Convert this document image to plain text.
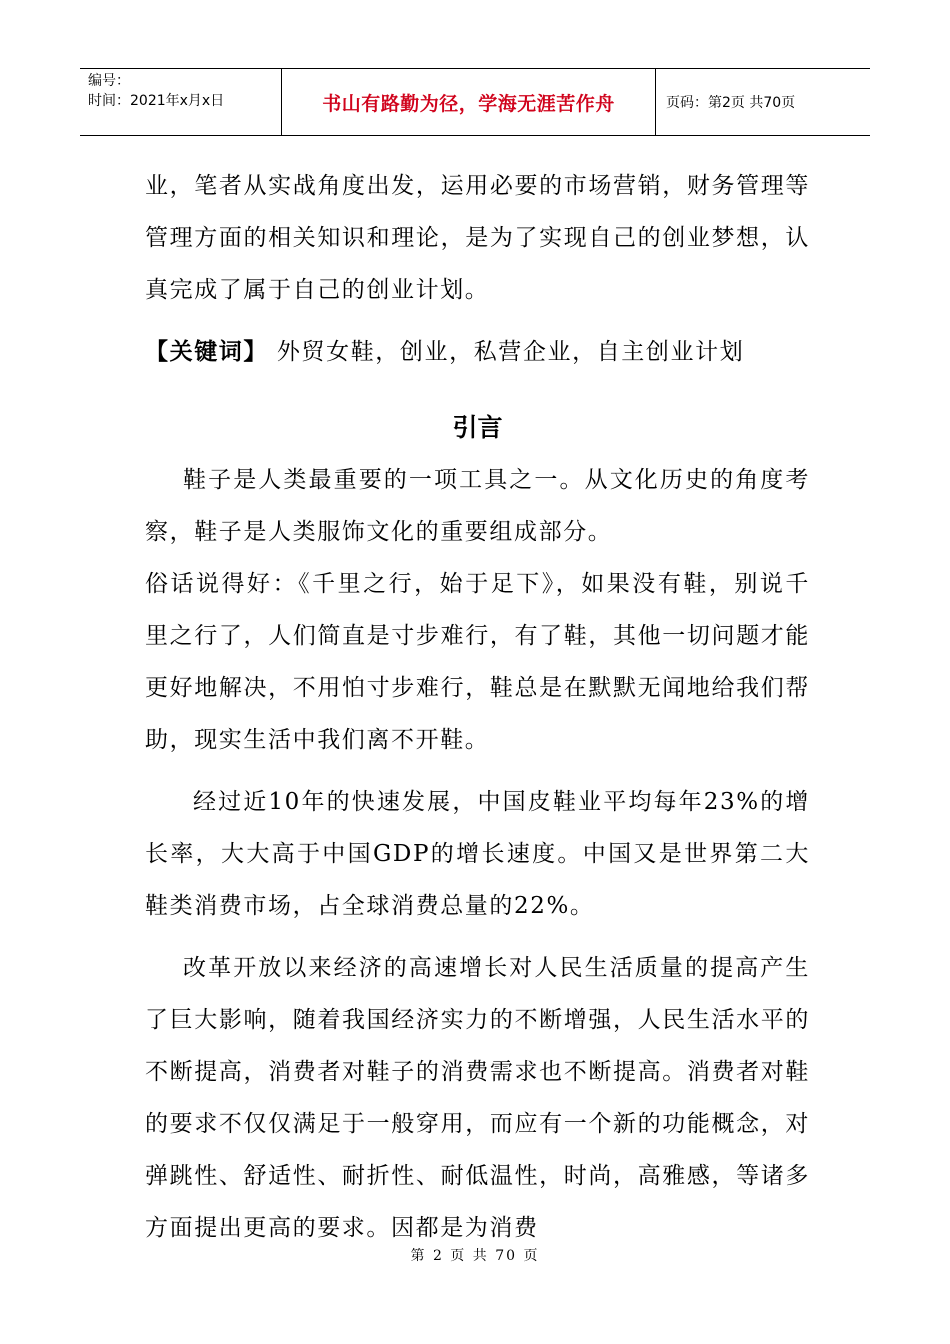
编号：
时间：2021年x月x日	书山有路勤为径，学海无涯苦作舟	页码：第2页 共70页

业，笔者从实战角度出发，运用必要的市场营销，财务管理等管理方面的相关知识和理论，是为了实现自己的创业梦想，认真完成了属于自己的创业计划。

【关键词】 外贸女鞋，创业，私营企业，自主创业计划

引言

鞋子是人类最重要的一项工具之一。从文化历史的角度考察，鞋子是人类服饰文化的重要组成部分。

俗话说得好：《千里之行，始于足下》，如果没有鞋，别说千里之行了，人们简直是寸步难行，有了鞋，其他一切问题才能更好地解决，不用怕寸步难行，鞋总是在默默无闻地给我们帮助，现实生活中我们离不开鞋。

经过近10年的快速发展，中国皮鞋业平均每年23%的增长率，大大高于中国GDP的增长速度。中国又是世界第二大鞋类消费市场，占全球消费总量的22%。

改革开放以来经济的高速增长对人民生活质量的提高产生了巨大影响，随着我国经济实力的不断增强，人民生活水平的不断提高，消费者对鞋子的消费需求也不断提高。消费者对鞋的要求不仅仅满足于一般穿用，而应有一个新的功能概念，对弹跳性、舒适性、耐折性、耐低温性，时尚，高雅感，等诸多方面提出更高的要求。因都是为消费

第 2 页 共 70 页
